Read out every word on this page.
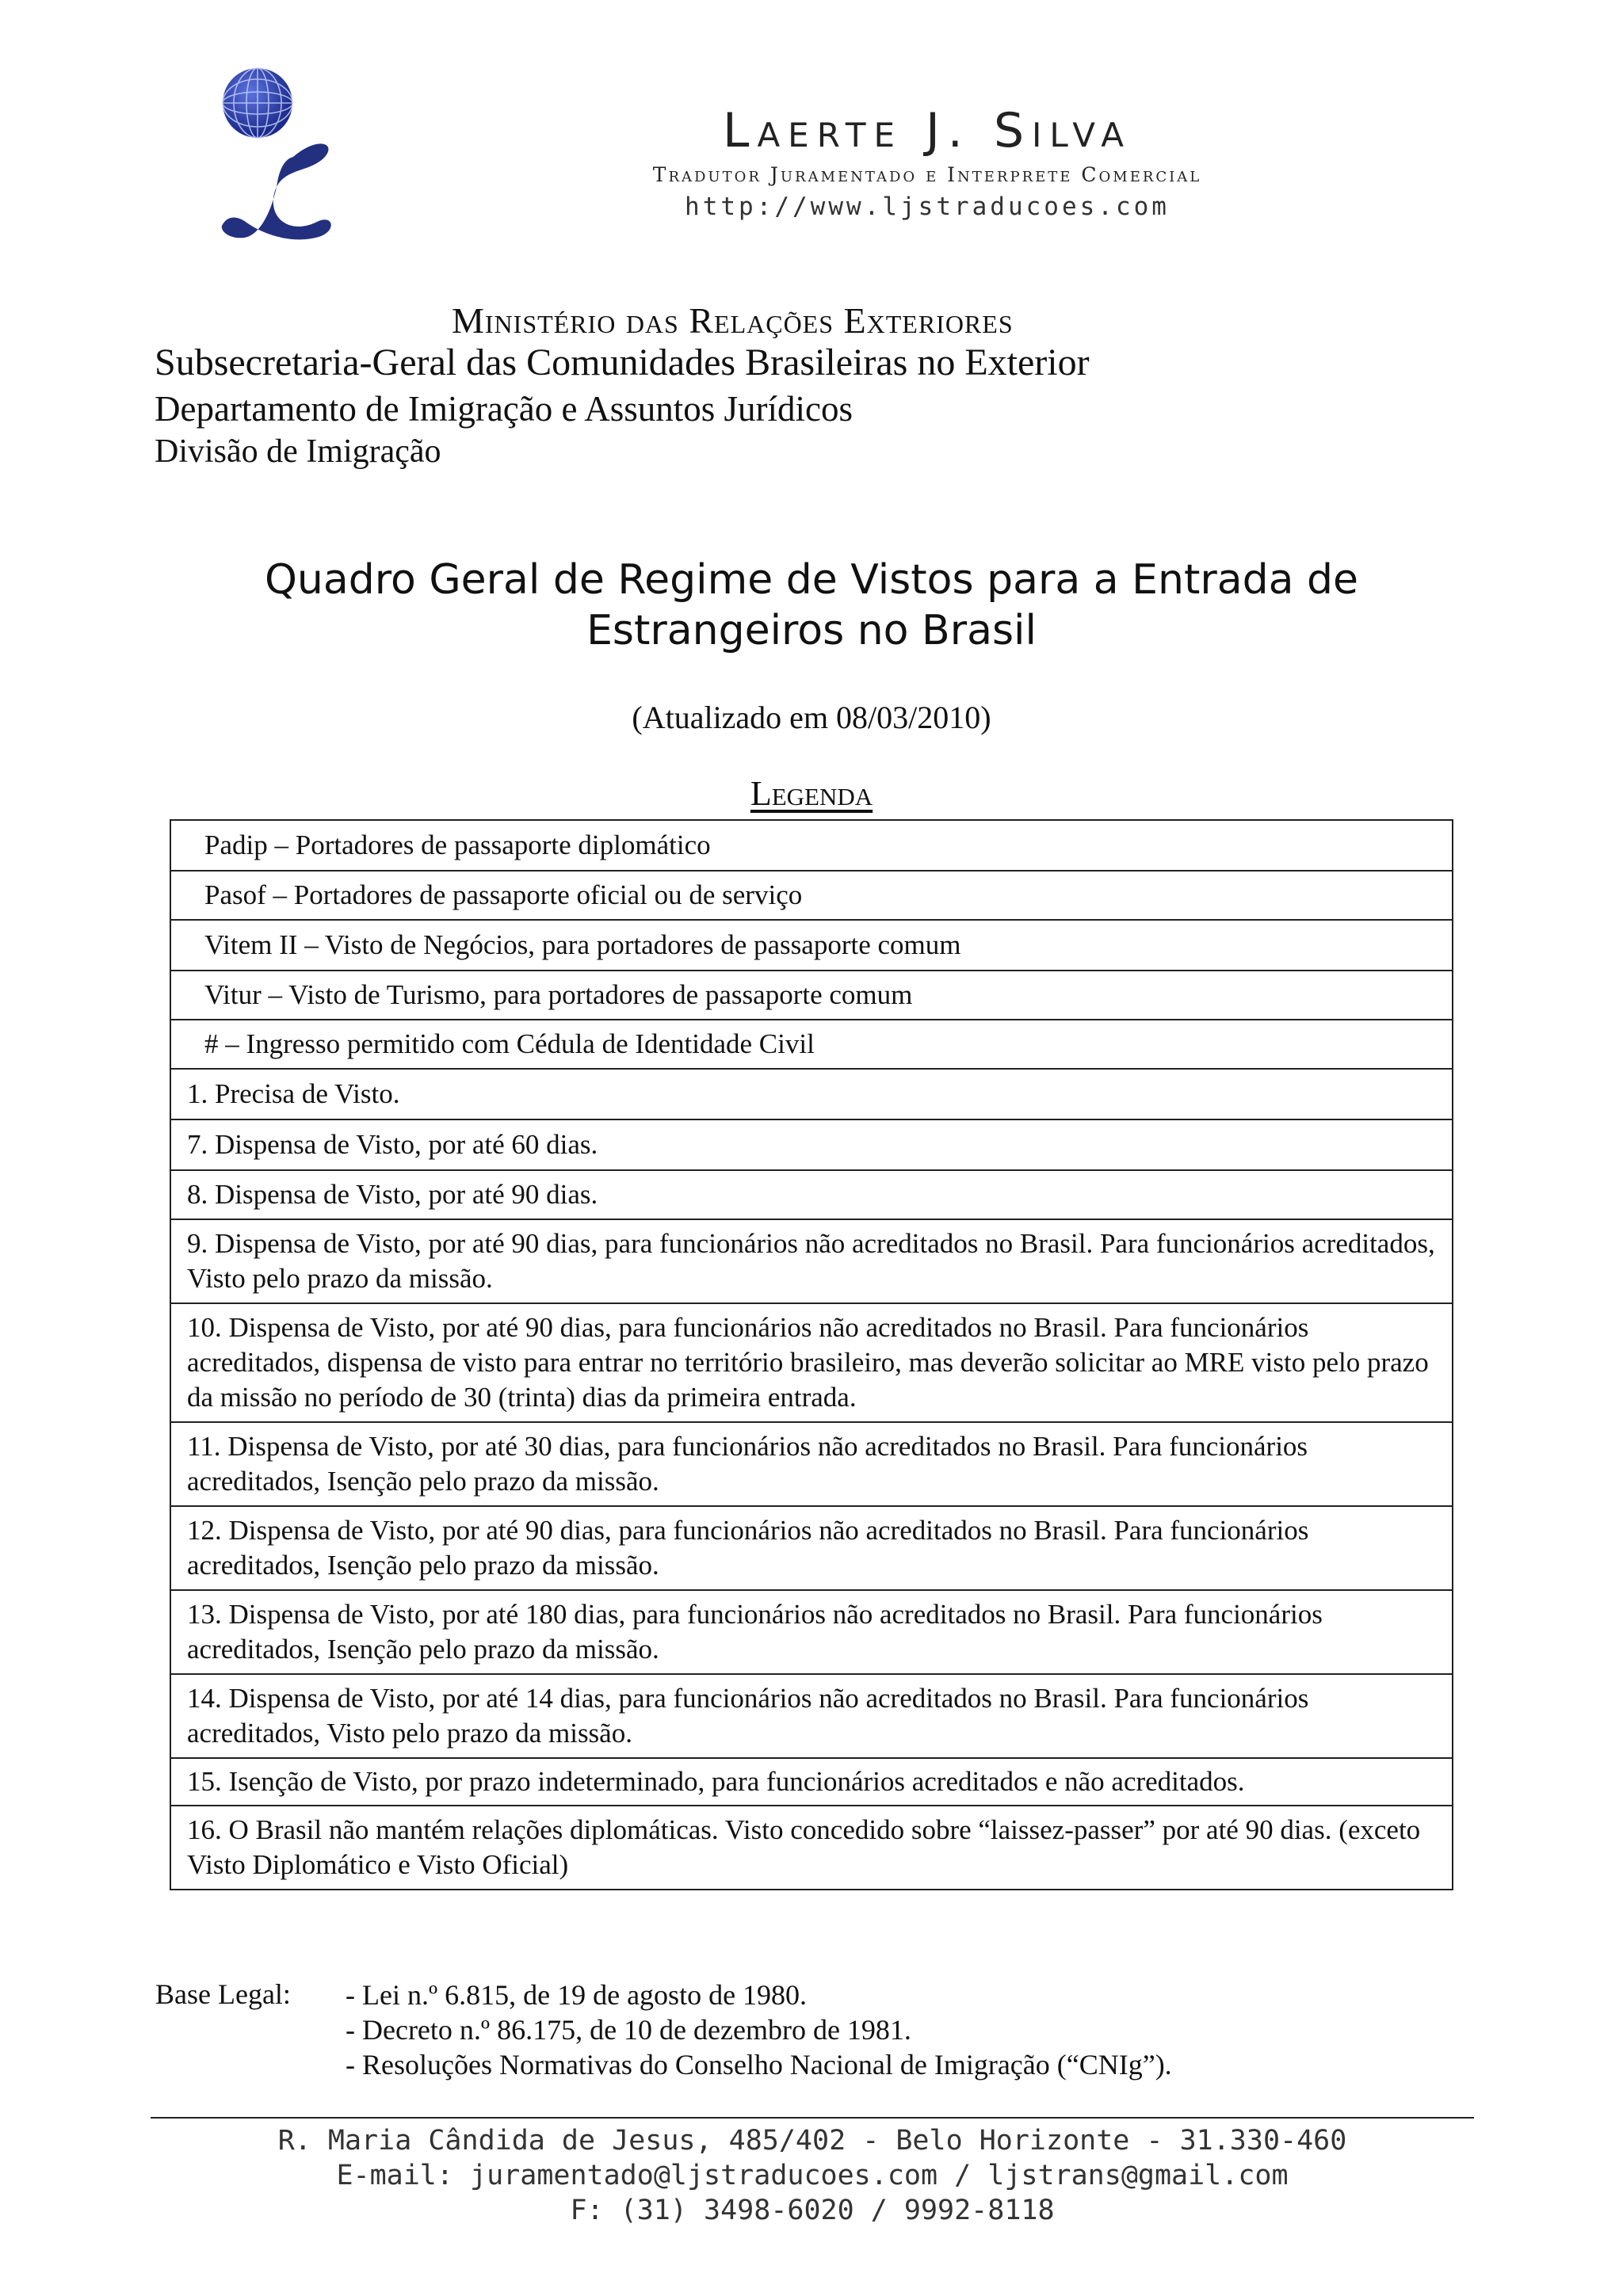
Laerte J. Silva
Tradutor Juramentado e Interprete Comercial
http://www.ljstraducoes.com
Ministério das Relações Exteriores
Subsecretaria-Geral das Comunidades Brasileiras no Exterior
Departamento de Imigração e Assuntos Jurídicos
Divisão de Imigração
Quadro Geral de Regime de Vistos para a Entrada de
Estrangeiros no Brasil
(Atualizado em 08/03/2010)
Legenda
Padip – Portadores de passaporte diplomático
Pasof – Portadores de passaporte oficial ou de serviço
Vitem II – Visto de Negócios, para portadores de passaporte comum
Vitur – Visto de Turismo, para portadores de passaporte comum
# – Ingresso permitido com Cédula de Identidade Civil
1. Precisa de Visto.
7. Dispensa de Visto, por até 60 dias.
8. Dispensa de Visto, por até 90 dias.
9. Dispensa de Visto, por até 90 dias, para funcionários não acreditados no Brasil. Para funcionários acreditados, Visto pelo prazo da missão.
10. Dispensa de Visto, por até 90 dias, para funcionários não acreditados no Brasil. Para funcionários acreditados, dispensa de visto para entrar no território brasileiro, mas deverão solicitar ao MRE visto pelo prazo da missão no período de 30 (trinta) dias da primeira entrada.
11. Dispensa de Visto, por até 30 dias, para funcionários não acreditados no Brasil. Para funcionários acreditados, Isenção pelo prazo da missão.
12. Dispensa de Visto, por até 90 dias, para funcionários não acreditados no Brasil. Para funcionários acreditados, Isenção pelo prazo da missão.
13. Dispensa de Visto, por até 180 dias, para funcionários não acreditados no Brasil. Para funcionários acreditados, Isenção pelo prazo da missão.
14. Dispensa de Visto, por até 14 dias, para funcionários não acreditados no Brasil. Para funcionários acreditados, Visto pelo prazo da missão.
15. Isenção de Visto, por prazo indeterminado, para funcionários acreditados e não acreditados.
16. O Brasil não mantém relações diplomáticas. Visto concedido sobre “laissez-passer” por até 90 dias. (exceto Visto Diplomático e Visto Oficial)
Base Legal: - Lei n.º 6.815, de 19 de agosto de 1980.
- Decreto n.º 86.175, de 10 de dezembro de 1981.
- Resoluções Normativas do Conselho Nacional de Imigração (“CNIg”).
R. Maria Cândida de Jesus, 485/402 - Belo Horizonte - 31.330-460
E-mail: juramentado@ljstraducoes.com / ljstrans@gmail.com
F: (31) 3498-6020 / 9992-8118
